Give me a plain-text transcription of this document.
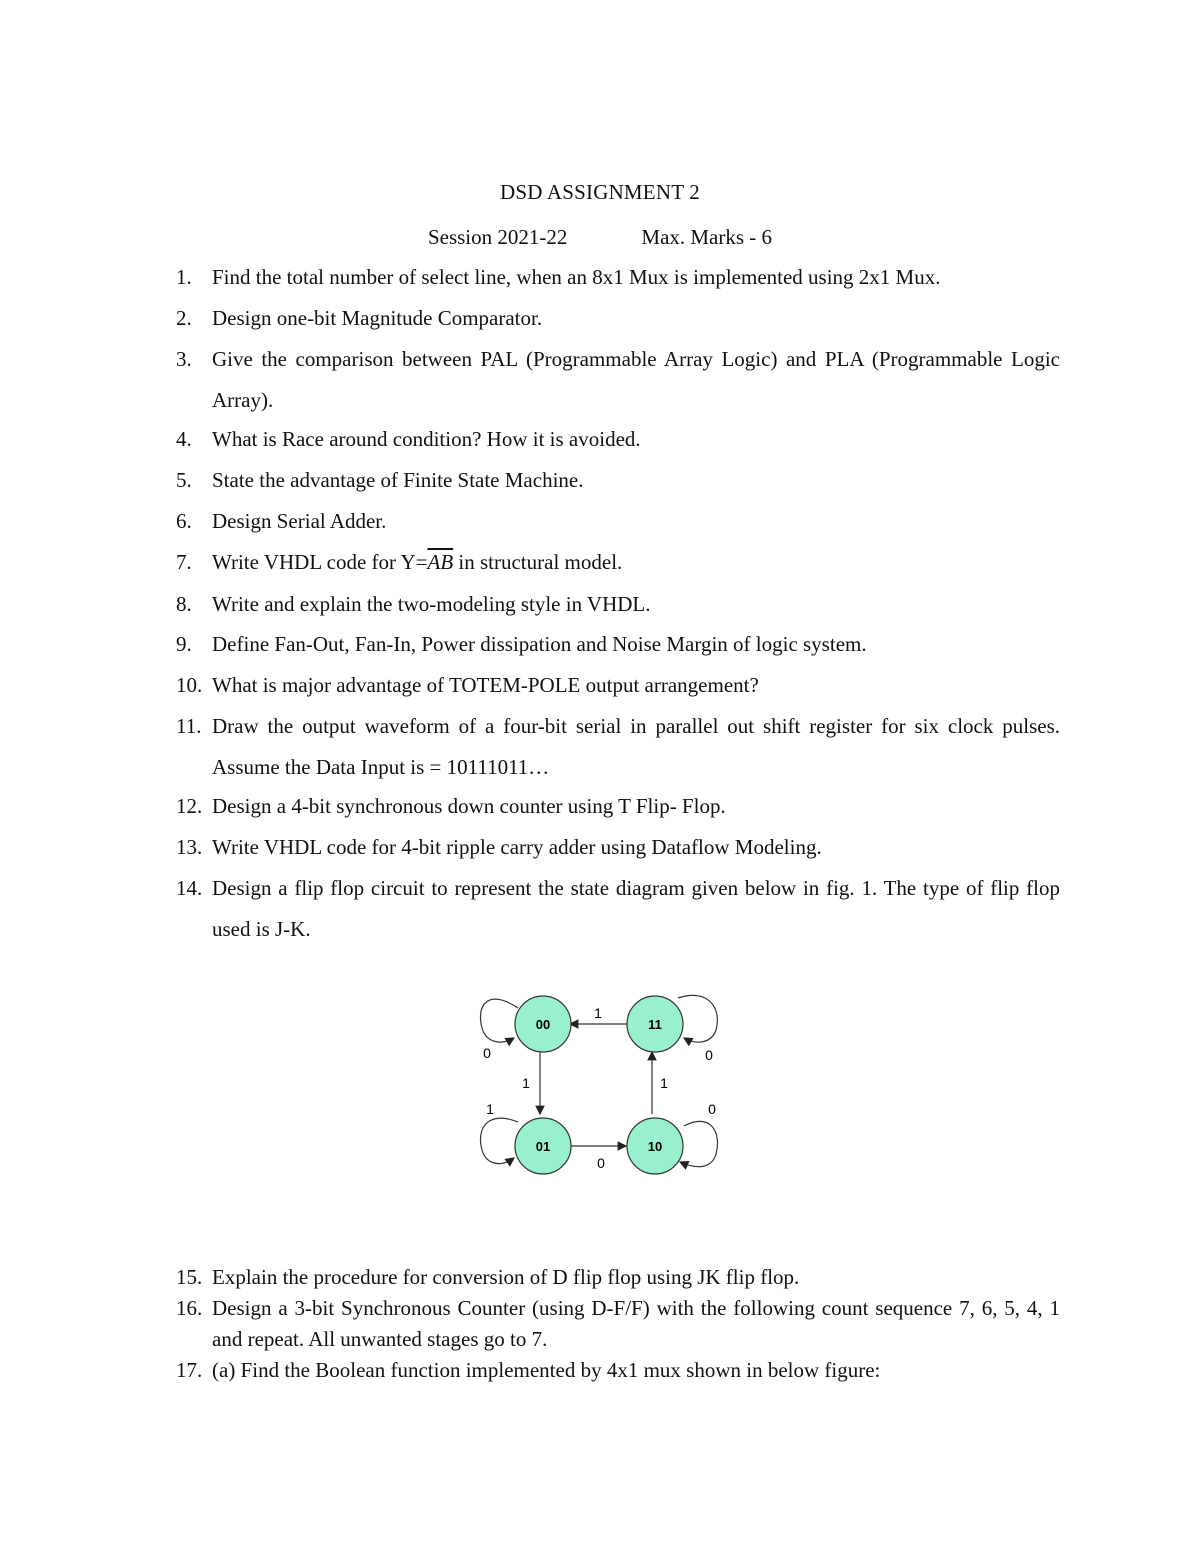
DSD ASSIGNMENT 2
Session 2021-22	Max. Marks - 6
1. Find the total number of select line, when an 8x1 Mux is implemented using 2x1 Mux.
2. Design one-bit Magnitude Comparator.
3. Give the comparison between PAL (Programmable Array Logic) and PLA (Programmable Logic Array).
4. What is Race around condition? How it is avoided.
5. State the advantage of Finite State Machine.
6. Design Serial Adder.
7. Write VHDL code for $Y=\overline{AB}$ in structural model.
8. Write and explain the two-modeling style in VHDL.
9. Define Fan-Out, Fan-In, Power dissipation and Noise Margin of logic system.
10. What is major advantage of TOTEM-POLE output arrangement?
11. Draw the output waveform of a four-bit serial in parallel out shift register for six clock pulses.     Assume the Data Input is = 10111011…
12. Design a 4-bit synchronous down counter using T Flip- Flop.
13. Write VHDL code for 4-bit ripple carry adder using Dataflow Modeling.
14. Design a flip flop circuit to represent the state diagram given below in fig. 1. The type of flip flop used is J-K.
00	11
01	10
1
1	1
0
0	0
1	0
15. Explain the procedure for conversion of D flip flop using JK flip flop.
16. Design a 3-bit Synchronous Counter (using D-F/F) with the following count sequence 7, 6, 5, 4, 1 and repeat. All unwanted stages go to 7.
17. (a) Find the Boolean function implemented by 4x1 mux shown in below figure:
